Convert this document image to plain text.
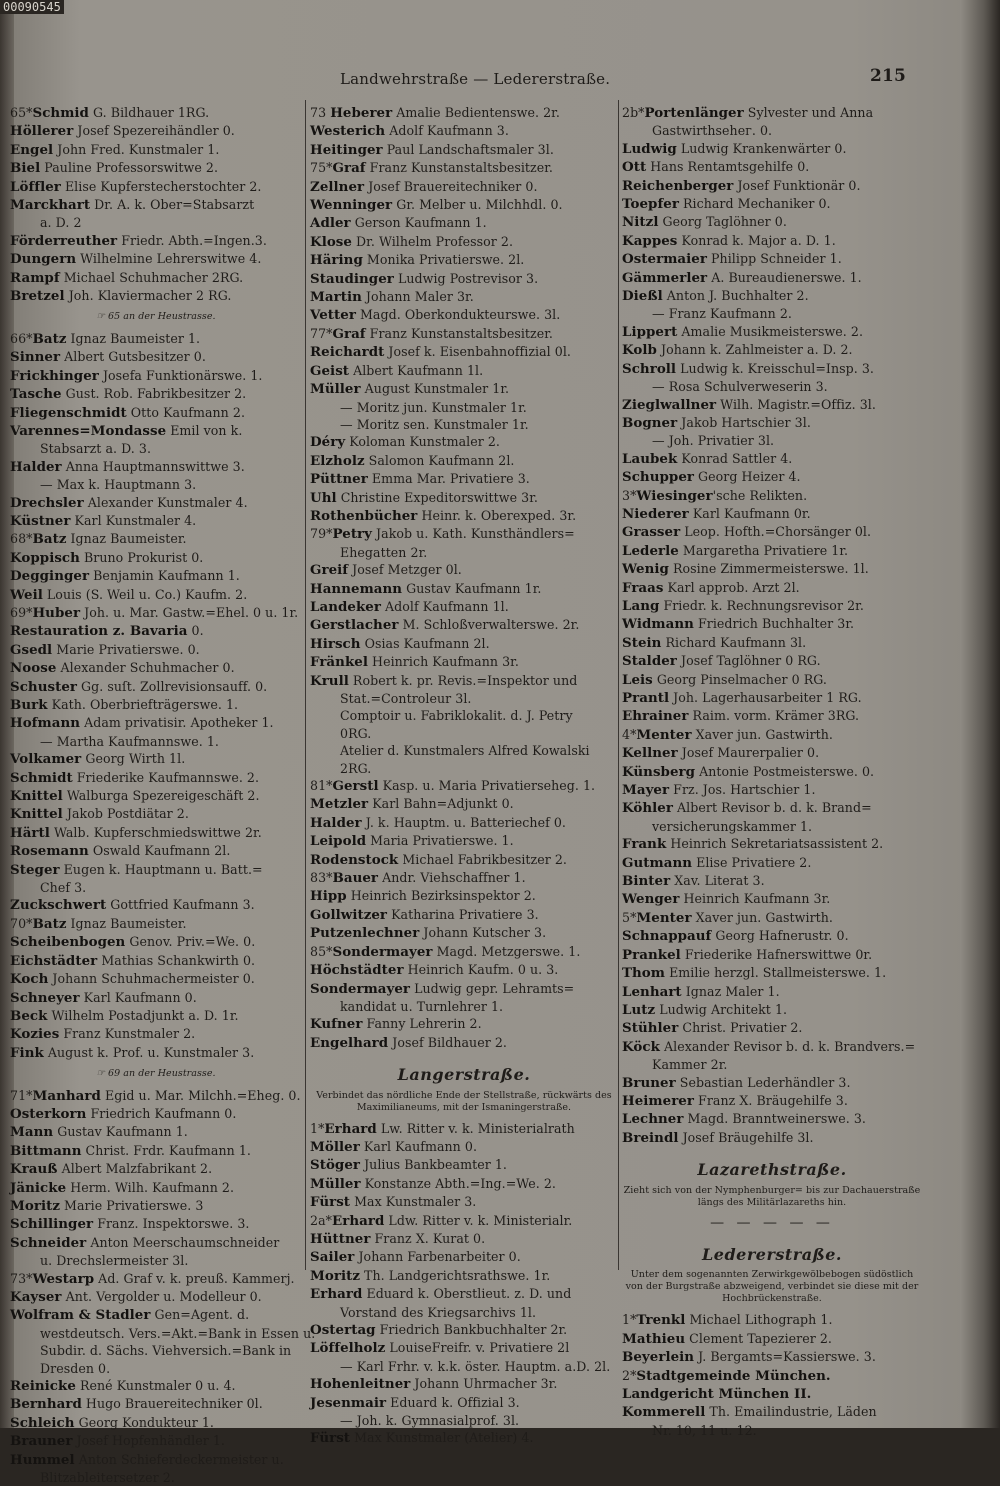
00090545
Landwehrstraße — Ledererstraße.	215
65*Schmid G. Bildhauer 1RG.
Höllerer Josef Spezereihändler 0.
Engel John Fred. Kunstmaler 1.
Biel Pauline Professorswitwe 2.
Löffler Elise Kupferstecherstochter 2.
Marckhart Dr. A. k. Ober=Stabsarzt
a. D. 2
Förderreuther Friedr. Abth.=Ingen.3.
Dungern Wilhelmine Lehrerswitwe 4.
Rampf Michael Schuhmacher 2RG.
Bretzel Joh. Klaviermacher 2 RG.
☞ 65 an der Heustrasse.
66*Batz Ignaz Baumeister 1.
Sinner Albert Gutsbesitzer 0.
Frickhinger Josefa Funktionärswe. 1.
Tasche Gust. Rob. Fabrikbesitzer 2.
Fliegenschmidt Otto Kaufmann 2.
Varennes=Mondasse Emil von k.
Stabsarzt a. D. 3.
Halder Anna Hauptmannswittwe 3.
— Max k. Hauptmann 3.
Drechsler Alexander Kunstmaler 4.
Küstner Karl Kunstmaler 4.
68*Batz Ignaz Baumeister.
Koppisch Bruno Prokurist 0.
Degginger Benjamin Kaufmann 1.
Weil Louis (S. Weil u. Co.) Kaufm. 2.
69*Huber Joh. u. Mar. Gastw.=Ehel. 0 u. 1r.
Restauration z. Bavaria 0.
Gsedl Marie Privatierswe. 0.
Noose Alexander Schuhmacher 0.
Schuster Gg. suſt. Zollrevisionsauff. 0.
Burk Kath. Oberbriefträgerswe. 1.
Hofmann Adam privatisir. Apotheker 1.
— Martha Kaufmannswe. 1.
Volkamer Georg Wirth 1l.
Schmidt Friederike Kaufmannswe. 2.
Knittel Walburga Spezereigeschäft 2.
Knittel Jakob Postdiätar 2.
Härtl Walb. Kupferschmiedswittwe 2r.
Rosemann Oswald Kaufmann 2l.
Steger Eugen k. Hauptmann u. Batt.=
Chef 3.
Zuckschwert Gottfried Kaufmann 3.
70*Batz Ignaz Baumeister.
Scheibenbogen Genov. Priv.=We. 0.
Eichstädter Mathias Schankwirth 0.
Koch Johann Schuhmachermeister 0.
Schneyer Karl Kaufmann 0.
Beck Wilhelm Postadjunkt a. D. 1r.
Kozies Franz Kunstmaler 2.
Fink August k. Prof. u. Kunstmaler 3.
☞ 69 an der Heustrasse.
71*Manhard Egid u. Mar. Milchh.=Eheg. 0.
Osterkorn Friedrich Kaufmann 0.
Mann Gustav Kaufmann 1.
Bittmann Christ. Frdr. Kaufmann 1.
Krauß Albert Malzfabrikant 2.
Jänicke Herm. Wilh. Kaufmann 2.
Moritz Marie Privatierswe. 3
Schillinger Franz. Inspektorswe. 3.
Schneider Anton Meerschaumschneider
u. Drechslermeister 3l.
73*Westarp Ad. Graf v. k. preuß. Kammerj.
Kayser Ant. Vergolder u. Modelleur 0.
Wolfram & Stadler Gen=Agent. d.
westdeutsch. Vers.=Akt.=Bank in Essen u.
Subdir. d. Sächs. Viehversich.=Bank in
Dresden 0.
Reinicke René Kunstmaler 0 u. 4.
Bernhard Hugo Brauereitechniker 0l.
Schleich Georg Kondukteur 1.
Brauner Josef Hopfenhändler 1.
Hummel Anton Schieferdeckermeister u.
Blitzableitersetzer 2.
73 Heberer Amalie Bedientenswe. 2r.
Westerich Adolf Kaufmann 3.
Heitinger Paul Landschaftsmaler 3l.
75*Graf Franz Kunstanstaltsbesitzer.
Zellner Josef Brauereitechniker 0.
Wenninger Gr. Melber u. Milchhdl. 0.
Adler Gerson Kaufmann 1.
Klose Dr. Wilhelm Professor 2.
Häring Monika Privatierswe. 2l.
Staudinger Ludwig Postrevisor 3.
Martin Johann Maler 3r.
Vetter Magd. Oberkondukteurswe. 3l.
77*Graf Franz Kunstanstaltsbesitzer.
Reichardt Josef k. Eisenbahnoffizial 0l.
Geist Albert Kaufmann 1l.
Müller August Kunstmaler 1r.
— Moritz jun. Kunstmaler 1r.
— Moritz sen. Kunstmaler 1r.
Déry Koloman Kunstmaler 2.
Elzholz Salomon Kaufmann 2l.
Püttner Emma Mar. Privatiere 3.
Uhl Christine Expeditorswittwe 3r.
Rothenbücher Heinr. k. Oberexped. 3r.
79*Petry Jakob u. Kath. Kunsthändlers=
Ehegatten 2r.
Greif Josef Metzger 0l.
Hannemann Gustav Kaufmann 1r.
Landeker Adolf Kaufmann 1l.
Gerstlacher M. Schloßverwalterswe. 2r.
Hirsch Osias Kaufmann 2l.
Fränkel Heinrich Kaufmann 3r.
Krull Robert k. pr. Revis.=Inspektor und
Stat.=Controleur 3l.
Comptoir u. Fabriklokalit. d. J. Petry
0RG.
Atelier d. Kunstmalers Alfred Kowalski
2RG.
81*Gerstl Kasp. u. Maria Privatierseheg. 1.
Metzler Karl Bahn=Adjunkt 0.
Halder J. k. Hauptm. u. Batteriechef 0.
Leipold Maria Privatierswe. 1.
Rodenstock Michael Fabrikbesitzer 2.
83*Bauer Andr. Viehschaffner 1.
Hipp Heinrich Bezirksinspektor 2.
Gollwitzer Katharina Privatiere 3.
Putzenlechner Johann Kutscher 3.
85*Sondermayer Magd. Metzgerswe. 1.
Höchstädter Heinrich Kaufm. 0 u. 3.
Sondermayer Ludwig gepr. Lehramts=
kandidat u. Turnlehrer 1.
Kufner Fanny Lehrerin 2.
Engelhard Josef Bildhauer 2.
Langerstraße.
Verbindet das nördliche Ende der Stellstraße, rückwärts des Maximilianeums, mit der Ismaningerstraße.
1*Erhard Lw. Ritter v. k. Ministerialrath
Möller Karl Kaufmann 0.
Stöger Julius Bankbeamter 1.
Müller Konstanze Abth.=Ing.=We. 2.
Fürst Max Kunstmaler 3.
2a*Erhard Ldw. Ritter v. k. Ministerialr.
Hüttner Franz X. Kurat 0.
Sailer Johann Farbenarbeiter 0.
Moritz Th. Landgerichtsrathswe. 1r.
Erhard Eduard k. Oberstlieut. z. D. und
Vorstand des Kriegsarchivs 1l.
Ostertag Friedrich Bankbuchhalter 2r.
Löffelholz LouiseFreifr. v. Privatiere 2l
— Karl Frhr. v. k.k. öster. Hauptm. a.D. 2l.
Hohenleitner Johann Uhrmacher 3r.
Jesenmair Eduard k. Offizial 3.
— Joh. k. Gymnasialprof. 3l.
Fürst Max Kunstmaler (Atelier) 4.
2b*Portenlänger Sylvester und Anna
Gastwirthsehег. 0.
Ludwig Ludwig Krankenwärter 0.
Ott Hans Rentamtsgehilfe 0.
Reichenberger Josef Funktionär 0.
Toepfer Richard Mechaniker 0.
Nitzl Georg Taglöhner 0.
Kappes Konrad k. Major a. D. 1.
Ostermaier Philipp Schneider 1.
Gämmerler A. Bureaudienerswe. 1.
Dießl Anton J. Buchhalter 2.
— Franz Kaufmann 2.
Lippert Amalie Musikmeisterswe. 2.
Kolb Johann k. Zahlmeister a. D. 2.
Schroll Ludwig k. Kreisschul=Insp. 3.
— Rosa Schulverweserin 3.
Zieglwallner Wilh. Magistr.=Offiz. 3l.
Bogner Jakob Hartschier 3l.
— Joh. Privatier 3l.
Laubek Konrad Sattler 4.
Schupper Georg Heizer 4.
3*Wiesinger'sche Relikten.
Niederer Karl Kaufmann 0r.
Grasser Leop. Hofth.=Chorsänger 0l.
Lederle Margaretha Privatiere 1r.
Wenig Rosine Zimmermeisterswe. 1l.
Fraas Karl approb. Arzt 2l.
Lang Friedr. k. Rechnungsrevisor 2r.
Widmann Friedrich Buchhalter 3r.
Stein Richard Kaufmann 3l.
Stalder Josef Taglöhner 0 RG.
Leis Georg Pinselmacher 0 RG.
Prantl Joh. Lagerhausarbeiter 1 RG.
Ehrainer Raim. vorm. Krämer 3RG.
4*Menter Xaver jun. Gastwirth.
Kellner Josef Maurerpalier 0.
Künsberg Antonie Postmeisterswe. 0.
Mayer Frz. Jos. Hartschier 1.
Köhler Albert Revisor b. d. k. Brand=
versicherungskammer 1.
Frank Heinrich Sekretariatsassistent 2.
Gutmann Elise Privatiere 2.
Binter Xav. Literat 3.
Wenger Heinrich Kaufmann 3r.
5*Menter Xaver jun. Gastwirth.
Schnappauf Georg Hafnerustr. 0.
Prankel Friederike Hafnerswittwe 0r.
Thom Emilie herzgl. Stallmeisterswe. 1.
Lenhart Ignaz Maler 1.
Lutz Ludwig Architekt 1.
Stühler Christ. Privatier 2.
Köck Alexander Revisor b. d. k. Brandvers.=
Kammer 2r.
Bruner Sebastian Lederhändler 3.
Heimerer Franz X. Bräugehilfe 3.
Lechner Magd. Branntweinerswe. 3.
Breindl Josef Bräugehilfe 3l.
Lazarethstraße.
Zieht sich von der Nymphenburger= bis zur Dachauerstraße längs des Militärlazareths hin.
— — — — —
Ledererstraße.
Unter dem sogenannten Zerwirkgewölbebogen südöstlich von der Burgstraße abzweigend, verbindet sie diese mit der Hochbrückenstraße.
1*Trenkl Michael Lithograph 1.
Mathieu Clement Tapezierer 2.
Beyerlein J. Bergamts=Kassierswe. 3.
2*Stadtgemeinde München.
Landgericht München II.
Kommerell Th. Emailindustrie, Läden
Nr. 10, 11 u. 12.
